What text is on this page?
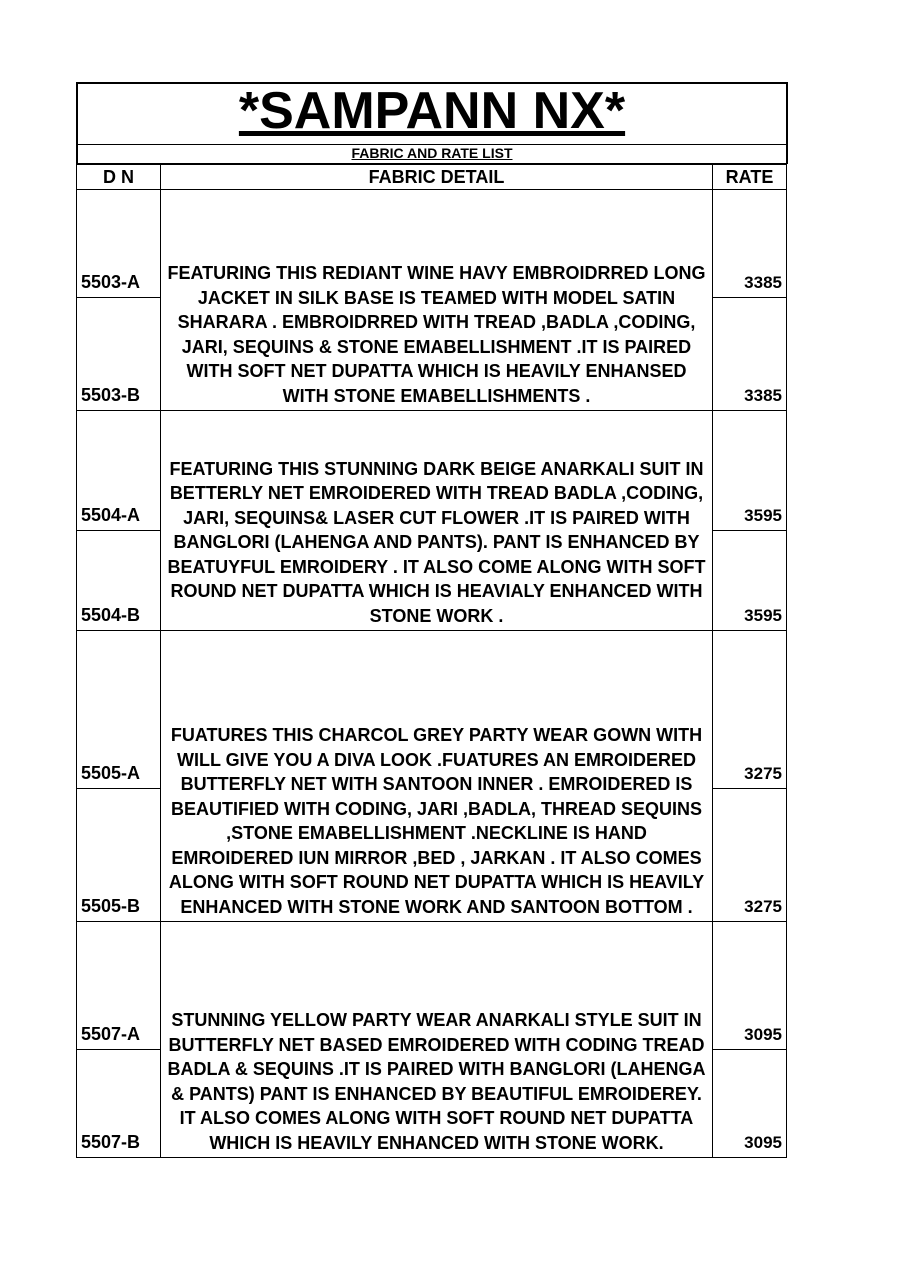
*SAMPANN NX*
FABRIC AND RATE LIST
D N	FABRIC DETAIL	RATE
5503-A	FEATURING THIS REDIANT WINE HAVY EMBROIDRRED LONG JACKET IN SILK BASE IS TEAMED WITH MODEL SATIN SHARARA . EMBROIDRRED WITH TREAD ,BADLA ,CODING, JARI, SEQUINS & STONE EMABELLISHMENT .IT IS PAIRED WITH SOFT NET DUPATTA WHICH IS HEAVILY ENHANSED WITH STONE EMABELLISHMENTS .	3385
5503-B		3385
5504-A	FEATURING THIS STUNNING DARK BEIGE ANARKALI SUIT IN BETTERLY NET EMROIDERED WITH TREAD BADLA ,CODING, JARI, SEQUINS& LASER CUT FLOWER .IT IS PAIRED WITH BANGLORI (LAHENGA AND PANTS). PANT IS ENHANCED BY BEATUYFUL EMROIDERY . IT ALSO COME ALONG WITH SOFT ROUND NET DUPATTA WHICH IS HEAVIALY ENHANCED WITH STONE WORK .	3595
5504-B		3595
5505-A	FUATURES THIS CHARCOL GREY PARTY WEAR GOWN WITH WILL GIVE YOU A DIVA LOOK .FUATURES AN EMROIDERED BUTTERFLY NET WITH SANTOON INNER . EMROIDERED IS BEAUTIFIED WITH CODING, JARI ,BADLA, THREAD SEQUINS ,STONE EMABELLISHMENT .NECKLINE IS HAND EMROIDERED IUN MIRROR ,BED , JARKAN . IT ALSO COMES ALONG WITH SOFT ROUND NET DUPATTA WHICH IS HEAVILY ENHANCED WITH STONE WORK AND SANTOON BOTTOM .	3275
5505-B		3275
5507-A	STUNNING YELLOW PARTY WEAR ANARKALI STYLE SUIT IN BUTTERFLY NET BASED EMROIDERED WITH CODING TREAD BADLA & SEQUINS .IT IS PAIRED WITH BANGLORI (LAHENGA & PANTS) PANT IS ENHANCED BY BEAUTIFUL EMROIDEREY. IT ALSO COMES ALONG WITH SOFT ROUND NET DUPATTA WHICH IS HEAVILY ENHANCED WITH STONE WORK.	3095
5507-B		3095
